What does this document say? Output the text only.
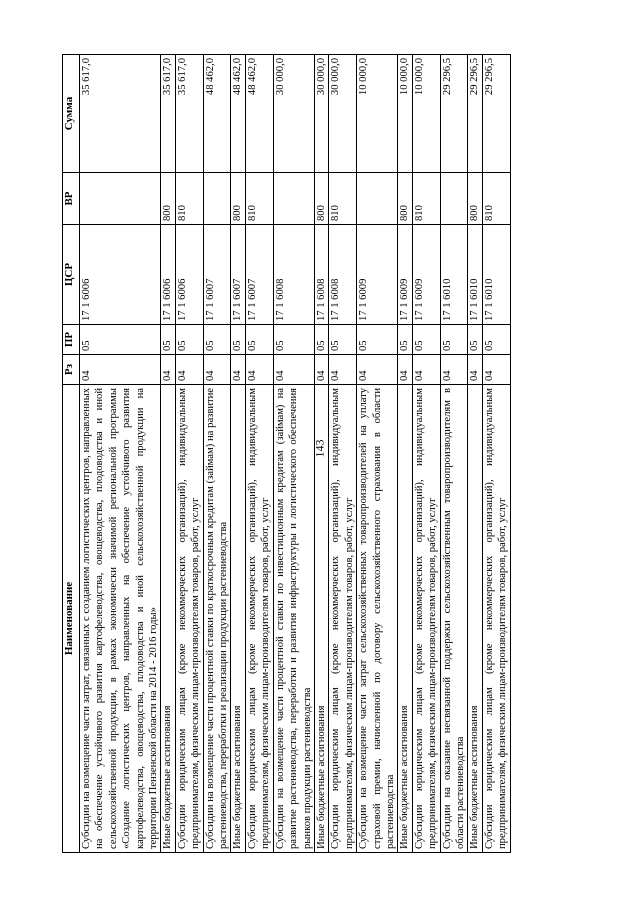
143
Наименование	Рз	ПР	ЦСР	ВР	Сумма
Субсидии на возмещение части затрат, связанных с созданием логистических центров, направленных на обеспечение устойчивого развития картофелеводства, овощеводства, плодоводства и иной сельскохозяйственной продукции, в рамках экономически значимой региональной программы «Создание логистических центров, направленных на обеспечение устойчивого развития картофелеводства, овощеводства, плодоводства и иной сельскохозяйственной продукции на территории Пензенской области на 2014 - 2016 годы»	04	05	17 1 6006		35 617,0
Иные бюджетные ассигнования	04	05	17 1 6006	800	35 617,0
Субсидии юридическим лицам (кроме некоммерческих организаций), индивидуальным предпринимателям, физическим лицам-производителям товаров, работ, услуг	04	05	17 1 6006	810	35 617,0
Субсидии на возмещение части процентной ставки по краткосрочным кредитам (займам) на развитие растениеводства, переработки и реализации продукции растениеводства	04	05	17 1 6007		48 462,0
Иные бюджетные ассигнования	04	05	17 1 6007	800	48 462,0
Субсидии юридическим лицам (кроме некоммерческих организаций), индивидуальным предпринимателям, физическим лицам-производителям товаров, работ, услуг	04	05	17 1 6007	810	48 462,0
Субсидии на возмещение части процентной ставки по инвестиционным кредитам (займам) на развитие растениеводства, переработки и развития инфраструктуры и логистического обеспечения рынков продукции растениеводства	04	05	17 1 6008		30 000,0
Иные бюджетные ассигнования	04	05	17 1 6008	800	30 000,0
Субсидии юридическим лицам (кроме некоммерческих организаций), индивидуальным предпринимателям, физическим лицам-производителям товаров, работ, услуг	04	05	17 1 6008	810	30 000,0
Субсидии на возмещение части затрат сельскохозяйственных товаропроизводителей на уплату страховой премии, начисленной по договору сельскохозяйственного страхования в области растениеводства	04	05	17 1 6009		10 000,0
Иные бюджетные ассигнования	04	05	17 1 6009	800	10 000,0
Субсидии юридическим лицам (кроме некоммерческих организаций), индивидуальным предпринимателям, физическим лицам-производителям товаров, работ, услуг	04	05	17 1 6009	810	10 000,0
Субсидии на оказание несвязанной поддержки сельскохозяйственным товаропроизводителям в области растениеводства	04	05	17 1 6010		29 296,5
Иные бюджетные ассигнования	04	05	17 1 6010	800	29 296,5
Субсидии юридическим лицам (кроме некоммерческих организаций), индивидуальным предпринимателям, физическим лицам-производителям товаров, работ, услуг	04	05	17 1 6010	810	29 296,5
